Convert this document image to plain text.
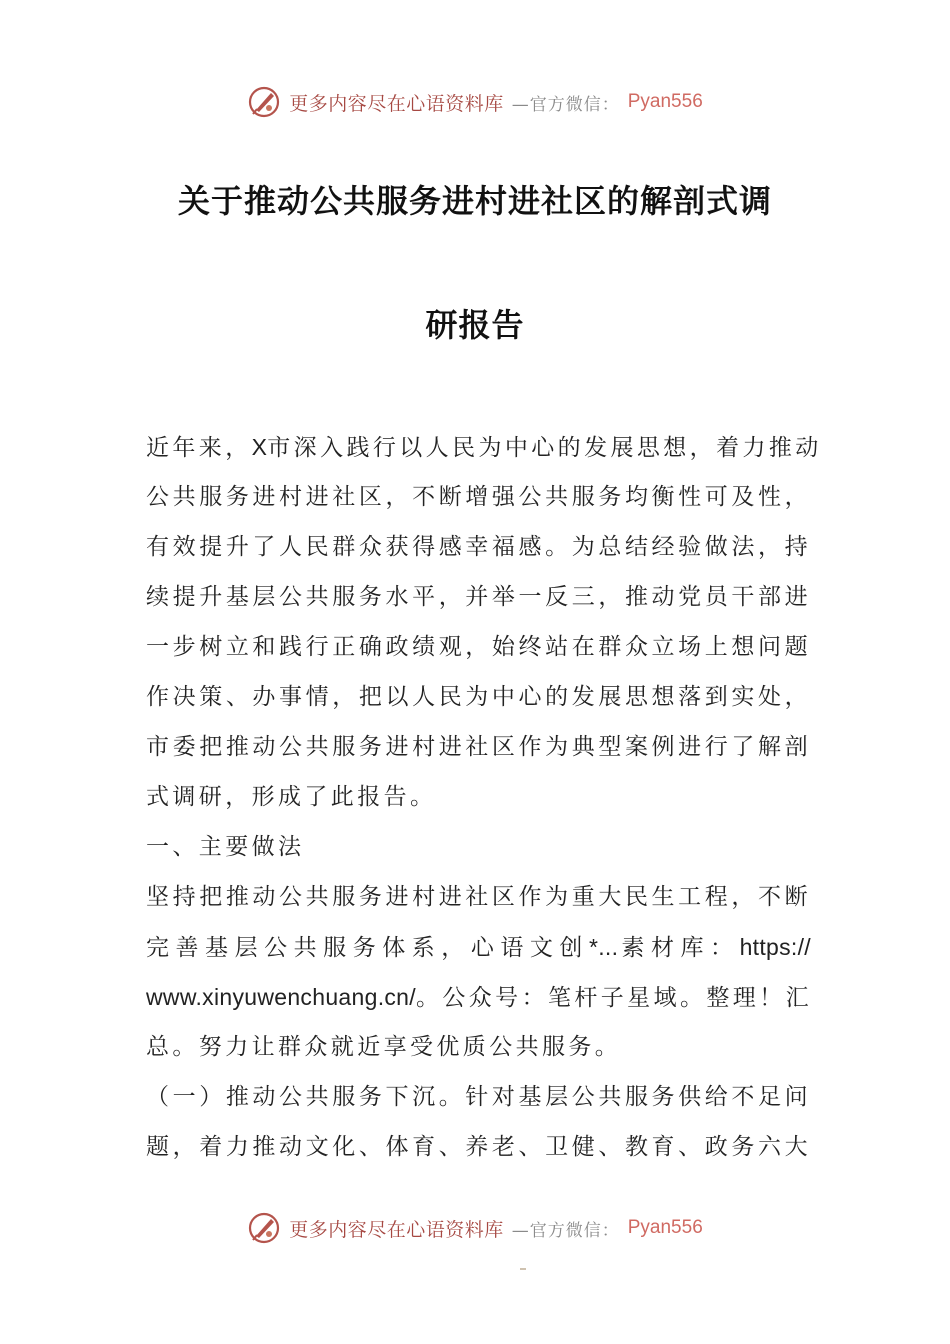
更多内容尽在心语资料库 —官方微信： Pyan556
关于推动公共服务进村进社区的解剖式调
研报告
近年来，X市深入践行以人民为中心的发展思想，着力推动
公共服务进村进社区，不断增强公共服务均衡性可及性，
有效提升了人民群众获得感幸福感。为总结经验做法，持
续提升基层公共服务水平，并举一反三，推动党员干部进
一步树立和践行正确政绩观，始终站在群众立场上想问题
作决策、办事情，把以人民为中心的发展思想落到实处，
市委把推动公共服务进村进社区作为典型案例进行了解剖
式调研，形成了此报告。
一、主要做法
坚持把推动公共服务进村进社区作为重大民生工程，不断
完善基层公共服务体系，心语文创*...素材库：https://
www.xinyuwenchuang.cn/。公众号：笔杆子星域。整理！汇
总。努力让群众就近享受优质公共服务。
（一）推动公共服务下沉。针对基层公共服务供给不足问
题，着力推动文化、体育、养老、卫健、教育、政务六大
更多内容尽在心语资料库 —官方微信： Pyan556
